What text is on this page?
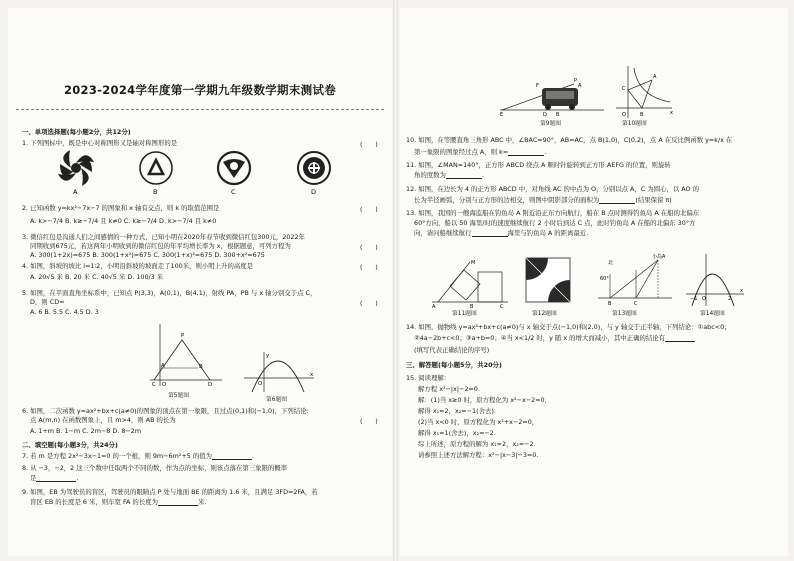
2023-2024学年度第一学期九年级数学期末测试卷
一、单项选择题(每小题2分，共12分)
1. 下列图标中，既是中心对称图形又是轴对称图形的是	(　　)
A	B	C	D
2. 已知函数 y=kx²−7x−7 的图象和 x 轴有交点，则 k 的取值范围是	(　　)
A. k>−7/4 B. k≥−7/4 且 k≠0 C. k≥−7/4 D. k>−7/4 且 k≠0
3. 微信红包是沟通人们之间感情的一种方式，已知小明在2020年春节收到微信红包300元，2022年
同期收到675元，若这两年小明收到的微信红包的年平均增长率为 x，根据题意，可列方程为	(　　)
A. 300(1+2x)=675 B. 300(1+x²)=675 C. 300(1+x)²=675 D. 300+x²=675
4. 如图，斜坡的坡比 i=1∶2，小明沿斜坡的坡面走了100米，则小明上升的高度是	(　　)
A. 20√5 米 B. 20 米 C. 40√5 米 D. 100/3 米
5. 如图，在平面直角坐标系中，已知点 P(3,3)，A(0,1)，B(4,1)，射线 PA，PB 与 x 轴分别交于点 C，
D，则 CD=	(　　)
A. 6 B. 5.5 C. 4.5 D. 3
P
C O	D
B
A
第5题图
O
x
y
第6题图
6. 如图，二次函数 y=ax²+bx+c(a≠0)的图象的顶点在第一象限，且过点(0,1)和(−1,0)，下列结论:
点 A(m,n) 在函数图象上，且 m>4，则 AB 的长为	(　　)
A. 1+m B. 1−m C. 2m−8 D. 8−2m
二、填空题(每小题3分，共24分)
7. 若 m 是方程 2x²−3x−1=0 的一个根，则 9m−6m²+5 的值为	.
8. 从 −3，−2，2 这三个数中任取两个不同的数，作为点的坐标，则该点落在第三象限的概率
是	.
9. 如图，EB 为驾驶员的盲区，驾驶员的眼睛点 P 处与地面 BE 的距离为 1.6 米，且满足 3FD=2FA，若
盲区 EB 的长度是 6 米，则车宽 FA 的长度为	米.
E	D B
P
F	A
第9题图
O	B
C
A
x
第10题图
10. 如图，在等腰直角三角形 ABC 中，∠BAC=90°，AB=AC，点 B(1,0)，C(0,2)，点 A 在反比例函数 y=k/x 在
第一象限的图象经过点 A，则 k=	.
11. 如图，∠MAN=140°，正方形 ABCD 绕点 A 顺时针旋转到正方形 AEFG 的位置，则旋转
角的度数为	.
12. 如图，在边长为 4 的正方形 ABCD 中，对角线 AC 的中点为 O，分别以点 A，C 为圆心，以 AO 的
长为半径画弧，分别与正方形的边相交，则图中阴影部分的面积为	(结果保留 π)
13. 如图，我国的一艘海监船在钓鱼岛 A 附近沿正东方向航行，船在 B 点时测得钓鱼岛 A 在船的北偏东
60°方向，船以 50 海里/时的速度继续航行 2 小时后到达 C 点，此时钓鱼岛 A 在船的北偏东 30°方
向，请问船继续航行	海里与钓鱼岛 A 的距离最近.
A	B	C
M
第11题图	第12题图
北
小岛A
60°
B	C
第13题图
−1 O	2
x
第14题图
14. 如图，抛物线 y=ax²+bx+c(a≠0)与 x 轴交于点(−1,0)和(2,0)，与 y 轴交于正半轴，下列结论：①abc<0；
②4a−2b+c<0；③a+b=0；④当 x<1/2 时，y 随 x 的增大而减小，其中正确的结论有
(填写代表正确结论的序号)
三、解答题(每小题5分，共20分)
15. 阅读理解：
解方程 x²−|x|−2=0.
解：(1)当 x≥0 时，原方程化为 x²−x−2=0，
解得 x₁=2，x₂=−1(舍去).
(2)当 x<0 时，原方程化为 x²+x−2=0，
解得 x₁=1(舍去)，x₂=−2.
综上所述，原方程的解为 x₁=2，x₂=−2.
请参照上述方法解方程：x²−|x−3|−3=0.
